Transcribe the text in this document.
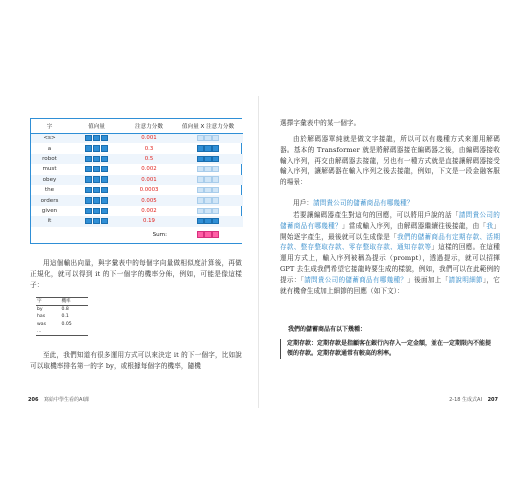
字	值向量	注意力分數	值向量 X 注意力分數
<s>		0.001	

a		0.3	

robot		0.5	

must		0.002	

obey		0.001	

the		0.0003	

orders		0.005	

given		0.002	

it		0.19	

		Sum:	

用這個輸出向量，與字彙表中的每個字向量做相似度計算後，再做正規化，就可以得到 it 的下一個字的機率分佈，例如，可能是像這樣子：

字	機率
by	0.8
has	0.1
was	0.05
...	

至此，我們知道有很多運用方式可以來決定 it 的下一個字，比如說可以取機率排名第一的字 by，或根據每個字的機率，隨機

206 寫給中學生看的AI課

選擇字彙表中的某一個字。

由於解碼器單純就是做文字接龍，所以可以有幾種方式來運用解碼器。基本的 Transformer 就是將解碼器接在編碼器之後，由編碼器接收輸入序列，再交由解碼器去接龍，另也有一種方式就是直接讓解碼器接受輸入序列，讓解碼器在輸入序列之後去接龍，例如，下文是一段金融客服的場景：

用戶：請問貴公司的儲蓄商品有哪幾種？

若要讓編碼器產生對這句的回應，可以將用戶說的話「請問貴公司的儲蓄商品有哪幾種？」當成輸入序列，由解碼器繼續往後接龍，由「我」開始逐字產生，最後就可以生成像是「我們的儲蓄商品有定期存款、活期存款、整存整取存款、零存整取存款、通知存款等」這樣的回應。在這種運用方式上，輸入序列被稱為提示（prompt），透過提示，就可以招揮 GPT 去生成我們希望它接龍時要生成的樣貌，例如，我們可以在此範例的提示：「請問貴公司的儲蓄商品有哪幾種？」後面加上「請說明細節」，它就有機會生成加上細節的回應（如下文）：

我們的儲蓄商品有以下幾種：
定期存款：定期存款是指顧客在銀行內存入一定金額，並在一定期限內不能提領的存款。定期存款通常有較高的利率。
2-18 生成式AI 207
